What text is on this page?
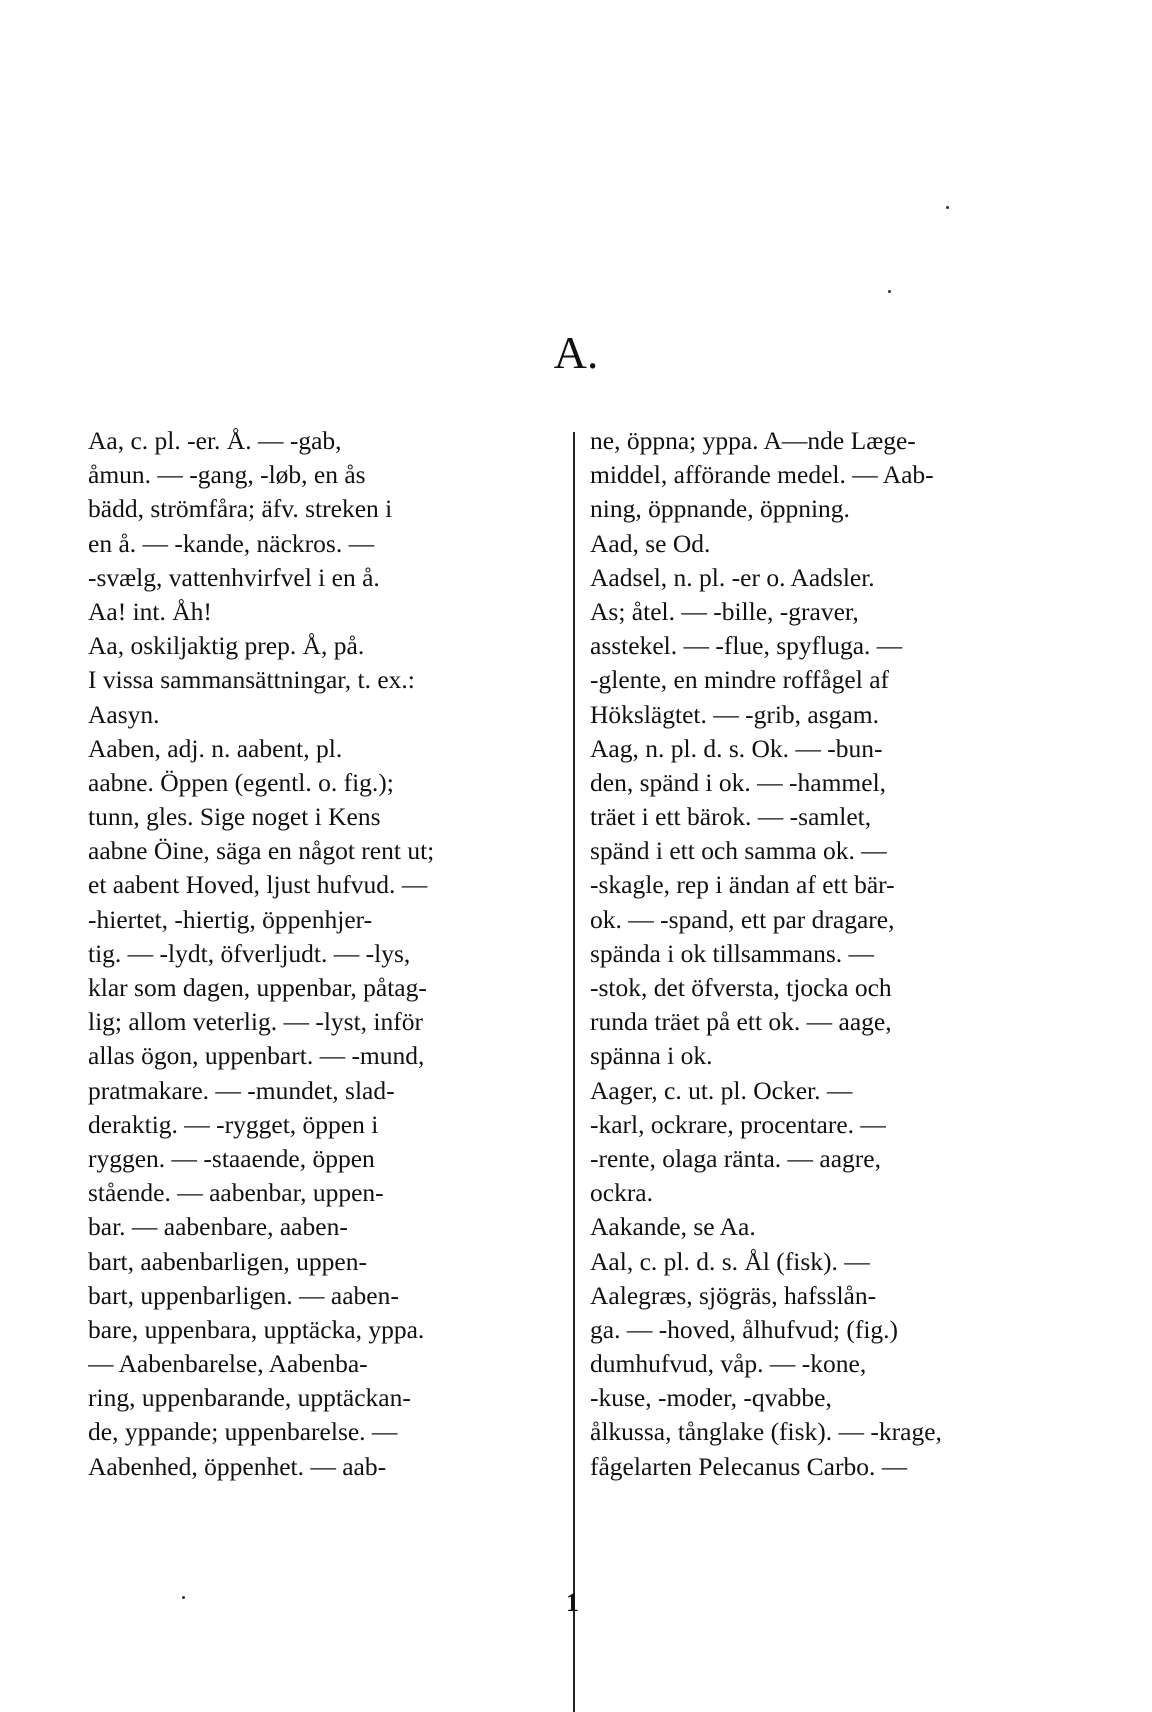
A.
Aa, c. pl. -er. Å. — -gab,
åmun. — -gang, -løb, en ås
bädd, strömfåra; äfv. streken i
en å. — -kande, näckros. —
-svælg, vattenhvirfvel i en å.
Aa! int. Åh!
Aa, oskiljaktig prep. Å, på.
I vissa sammansättningar, t. ex.:
Aasyn.
Aaben, adj. n. aabent, pl.
aabne. Öppen (egentl. o. fig.);
tunn, gles. Sige noget i Kens
aabne Öine, säga en något rent ut;
et aabent Hoved, ljust hufvud. —
-hiertet, -hiertig, öppenhjer-
tig. — -lydt, öfverljudt. — -lys,
klar som dagen, uppenbar, påtag-
lig; allom veterlig. — -lyst, inför
allas ögon, uppenbart. — -mund,
pratmakare. — -mundet, slad-
deraktig. — -rygget, öppen i
ryggen. — -staaende, öppen
stående. — aabenbar, uppen-
bar. — aabenbare, aaben-
bart, aabenbarligen, uppen-
bart, uppenbarligen. — aaben-
bare, uppenbara, upptäcka, yppa.
— Aabenbarelse, Aabenba-
ring, uppenbarande, upptäckan-
de, yppande; uppenbarelse. —
Aabenhed, öppenhet. — aab-
ne, öppna; yppa. A—nde Læge-
middel, afförande medel. — Aab-
ning, öppnande, öppning.
Aad, se Od.
Aadsel, n. pl. -er o. Aadsler.
As; åtel. — -bille, -graver,
asstekel. — -flue, spyfluga. —
-glente, en mindre roffågel af
Hökslägtet. — -grib, asgam.
Aag, n. pl. d. s. Ok. — -bun-
den, spänd i ok. — -hammel,
träet i ett bärok. — -samlet,
spänd i ett och samma ok. —
-skagle, rep i ändan af ett bär-
ok. — -spand, ett par dragare,
spända i ok tillsammans. —
-stok, det öfversta, tjocka och
runda träet på ett ok. — aage,
spänna i ok.
Aager, c. ut. pl. Ocker. —
-karl, ockrare, procentare. —
-rente, olaga ränta. — aagre,
ockra.
Aakande, se Aa.
Aal, c. pl. d. s. Ål (fisk). —
Aalegræs, sjögräs, hafsslån-
ga. — -hoved, ålhufvud; (fig.)
dumhufvud, våp. — -kone,
-kuse, -moder, -qvabbe,
ålkussa, tånglake (fisk). — -krage,
fågelarten Pelecanus Carbo. —
1
